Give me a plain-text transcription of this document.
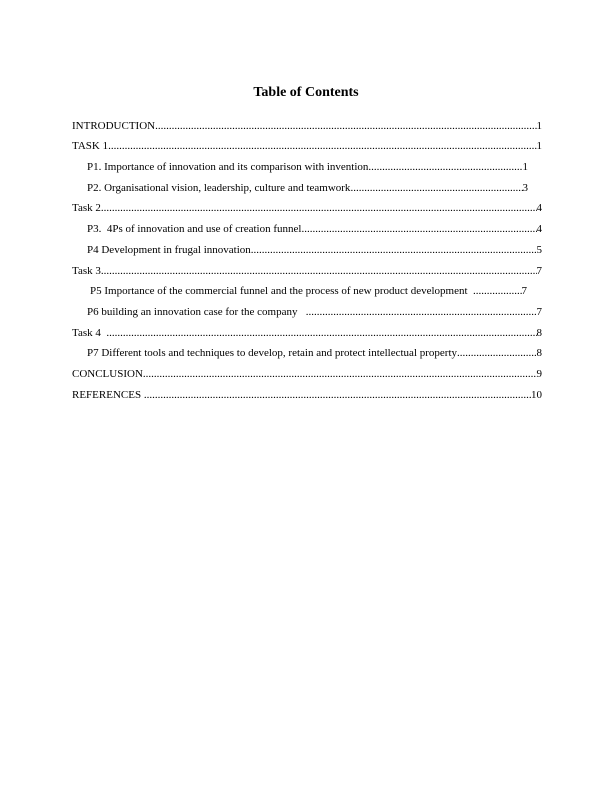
Table of Contents
INTRODUCTION .....	1
TASK 1 .....	1
P1. Importance of innovation and its comparison with invention .....	1
P2. Organisational vision, leadership, culture and teamwork .....	3
Task 2 .....	4
P3.  4Ps of innovation and use of creation funnel .....	4
P4 Development in frugal innovation .....	5
Task 3 .....	7
P5 Importance of the commercial funnel and the process of new product development .....	7
P6 building an innovation case for the company .....	7
Task 4 .....	8
P7 Different tools and techniques to develop, retain and protect intellectual property .....	8
CONCLUSION .....	9
REFERENCES .....	10
